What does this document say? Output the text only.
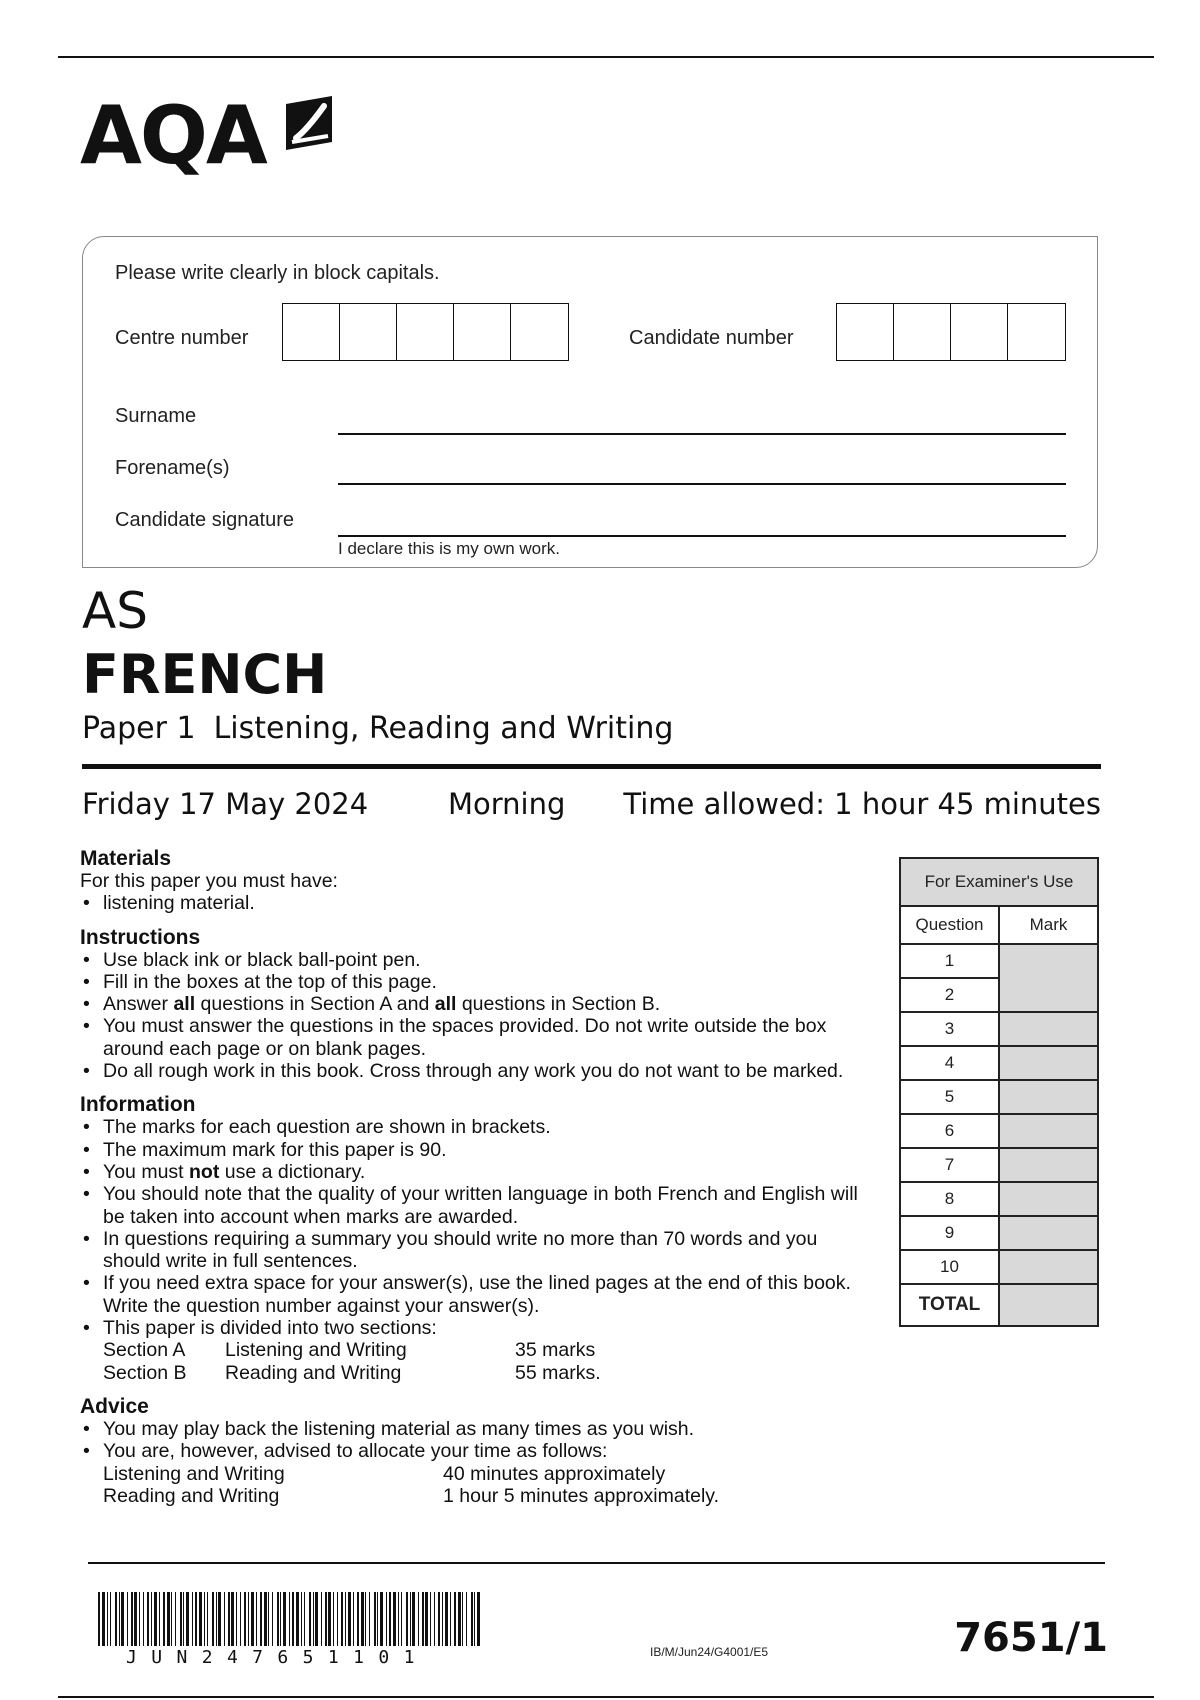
AQA
Please write clearly in block capitals.
Centre number	Candidate number
Surname
Forename(s)
Candidate signature
I declare this is my own work.
AS
FRENCH
Paper 1 Listening, Reading and Writing
Friday 17 May 2024	Morning Time allowed: 1 hour 45 minutes
Materials
For this paper you must have:
• listening material.
Instructions
• Use black ink or black ball-point pen.
• Fill in the boxes at the top of this page.
• Answer all questions in Section A and all questions in Section B.
• You must answer the questions in the spaces provided. Do not write outside the box around each page or on blank pages.
• Do all rough work in this book. Cross through any work you do not want to be marked.
Information
• The marks for each question are shown in brackets.
• The maximum mark for this paper is 90.
• You must not use a dictionary.
• You should note that the quality of your written language in both French and English will be taken into account when marks are awarded.
• In questions requiring a summary you should write no more than 70 words and you should write in full sentences.
• If you need extra space for your answer(s), use the lined pages at the end of this book. Write the question number against your answer(s).
• This paper is divided into two sections:
Section A	Listening and Writing	35 marks
Section B	Reading and Writing	55 marks.
Advice
• You may play back the listening material as many times as you wish.
• You are, however, advised to allocate your time as follows:
Listening and Writing	40 minutes approximately
Reading and Writing	1 hour 5 minutes approximately.
For Examiner's Use	
Question	Mark
1	
2	
3	
4	
5	
6	
7	
8	
9	
10	
TOTAL	
JUN247651101	IB/M/Jun24/G4001/E5	7651/1
